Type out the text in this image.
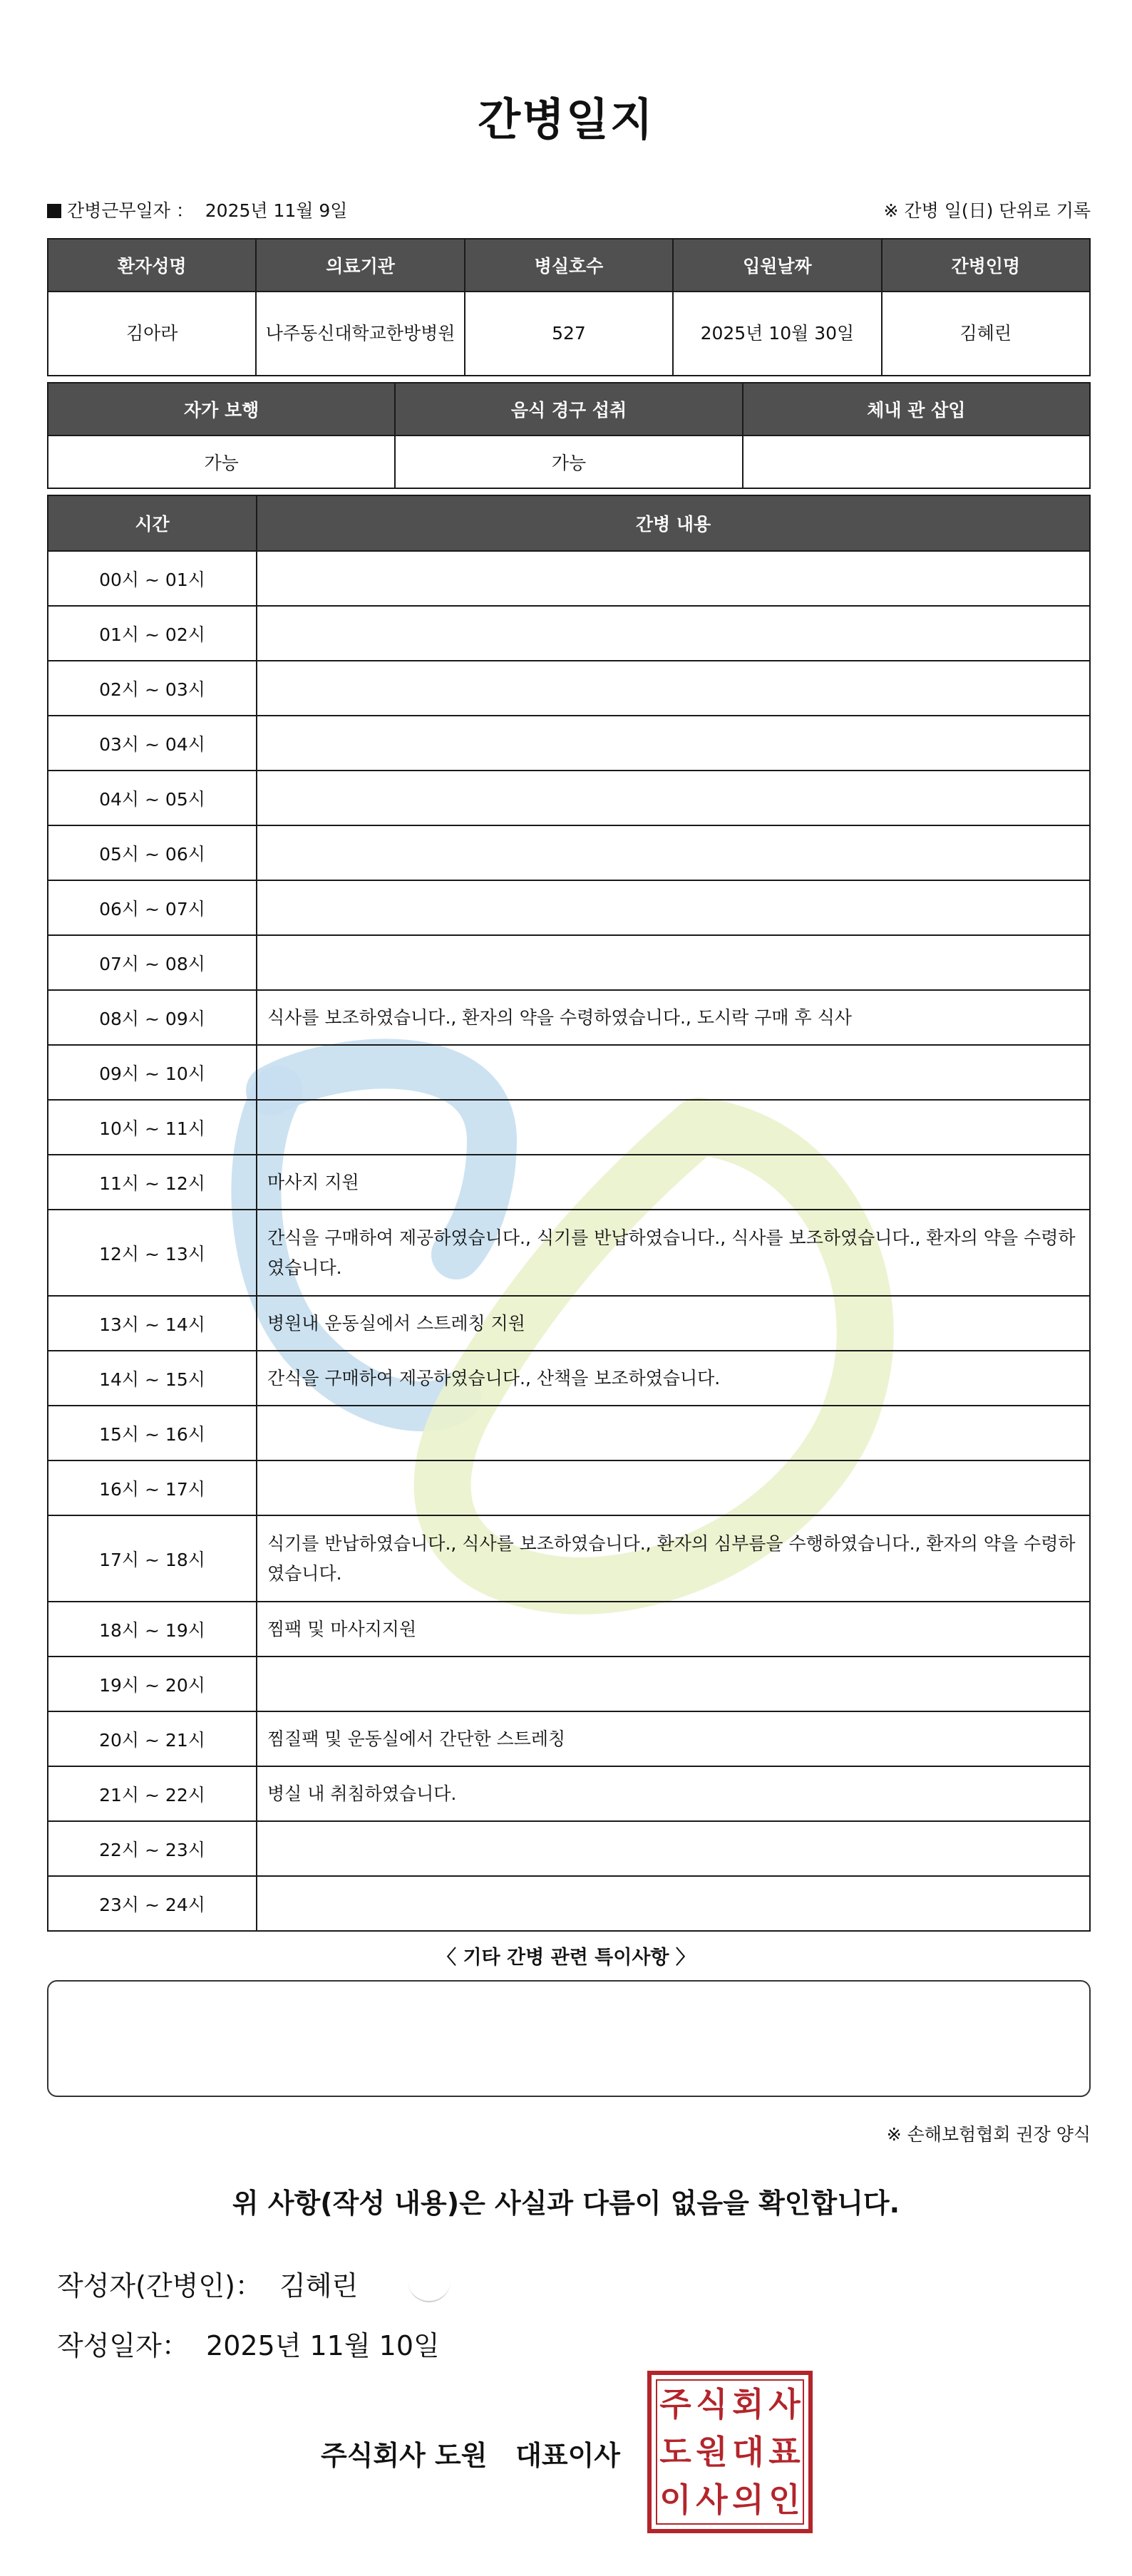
간병일지
간병근무일자 ： 2025년 11월 9일	※ 간병 일(日) 단위로 기록
환자성명	의료기관	병실호수	입원날짜	간병인명
김아라	나주동신대학교한방병원	527	2025년 10월 30일	김혜린
자가 보행	음식 경구 섭취	체내 관 삽입
가능	가능	
시간	간병 내용
00시 ~ 01시	
01시 ~ 02시	
02시 ~ 03시	
03시 ~ 04시	
04시 ~ 05시	
05시 ~ 06시	
06시 ~ 07시	
07시 ~ 08시	
08시 ~ 09시	식사를 보조하였습니다., 환자의 약을 수령하였습니다., 도시락 구매 후 식사
09시 ~ 10시	
10시 ~ 11시	
11시 ~ 12시	마사지 지원
12시 ~ 13시	간식을 구매하여 제공하였습니다., 식기를 반납하였습니다., 식사를 보조하였습니다., 환자의 약을 수령하였습니다.
13시 ~ 14시	병원내 운동실에서 스트레칭 지원
14시 ~ 15시	간식을 구매하여 제공하였습니다., 산책을 보조하였습니다.
15시 ~ 16시	
16시 ~ 17시	
17시 ~ 18시	식기를 반납하였습니다., 식사를 보조하였습니다., 환자의 심부름을 수행하였습니다., 환자의 약을 수령하였습니다.
18시 ~ 19시	찜팩 및 마사지지원
19시 ~ 20시	
20시 ~ 21시	찜질팩 및 운동실에서 간단한 스트레칭
21시 ~ 22시	병실 내 취침하였습니다.
22시 ~ 23시	
23시 ~ 24시	
〈 기타 간병 관련 특이사항 〉
※ 손해보험협회 권장 양식
위 사항(작성 내용)은 사실과 다름이 없음을 확인합니다.
작성자(간병인)： 김혜린
작성일자： 2025년 11월 10일
주식회사 도원 대표이사
주 식 회 사
도 원 대 표
이 사 의 인
